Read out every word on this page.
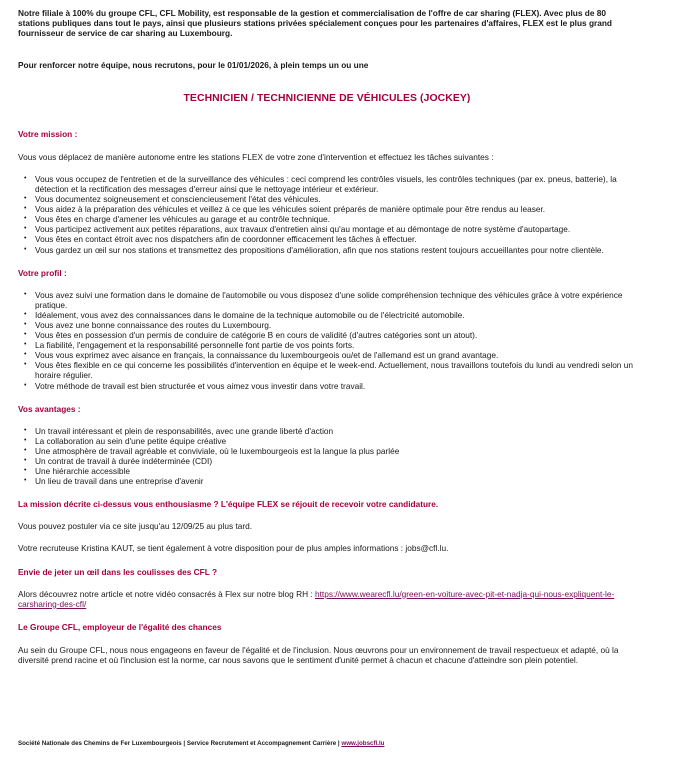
Notre filiale à 100% du groupe CFL, CFL Mobility, est responsable de la gestion et commercialisation de l'offre de car sharing (FLEX). Avec plus de 80 stations publiques dans tout le pays, ainsi que plusieurs stations privées spécialement conçues pour les partenaires d'affaires, FLEX est le plus grand fournisseur de service de car sharing au Luxembourg.

Pour renforcer notre équipe, nous recrutons, pour le 01/01/2026, à plein temps un ou une

TECHNICIEN / TECHNICIENNE DE VÉHICULES (JOCKEY)

Votre mission :

Vous vous déplacez de manière autonome entre les stations FLEX de votre zone d'intervention et effectuez les tâches suivantes :

• Vous vous occupez de l'entretien et de la surveillance des véhicules : ceci comprend les contrôles visuels, les contrôles techniques (par ex. pneus, batterie), la détection et la rectification des messages d'erreur ainsi que le nettoyage intérieur et extérieur.
• Vous documentez soigneusement et consciencieusement l'état des véhicules.
• Vous aidez à la préparation des véhicules et veillez à ce que les véhicules soient préparés de manière optimale pour être rendus au leaser.
• Vous êtes en charge d'amener les véhicules au garage et au contrôle technique.
• Vous participez activement aux petites réparations, aux travaux d'entretien ainsi qu'au montage et au démontage de notre système d'autopartage.
• Vous êtes en contact étroit avec nos dispatchers afin de coordonner efficacement les tâches à effectuer.
• Vous gardez un œil sur nos stations et transmettez des propositions d'amélioration, afin que nos stations restent toujours accueillantes pour notre clientèle.

Votre profil :

• Vous avez suivi une formation dans le domaine de l'automobile ou vous disposez d'une solide compréhension technique des véhicules grâce à votre expérience pratique.
• Idéalement, vous avez des connaissances dans le domaine de la technique automobile ou de l'électricité automobile.
• Vous avez une bonne connaissance des routes du Luxembourg.
• Vous êtes en possession d'un permis de conduire de catégorie B en cours de validité (d'autres catégories sont un atout).
• La fiabilité, l'engagement et la responsabilité personnelle font partie de vos points forts.
• Vous vous exprimez avec aisance en français, la connaissance du luxembourgeois ou/et de l'allemand est un grand avantage.
• Vous êtes flexible en ce qui concerne les possibilités d'intervention en équipe et le week-end. Actuellement, nous travaillons toutefois du lundi au vendredi selon un horaire régulier.
• Votre méthode de travail est bien structurée et vous aimez vous investir dans votre travail.

Vos avantages :

• Un travail intéressant et plein de responsabilités, avec une grande liberté d'action
• La collaboration au sein d'une petite équipe créative
• Une atmosphère de travail agréable et conviviale, où le luxembourgeois est la langue la plus parlée
• Un contrat de travail à durée indéterminée (CDI)
• Une hiérarchie accessible
• Un lieu de travail dans une entreprise d'avenir

La mission décrite ci-dessus vous enthousiasme ? L'équipe FLEX se réjouit de recevoir votre candidature.

Vous pouvez postuler via ce site jusqu'au 12/09/25 au plus tard.

Votre recruteuse Kristina KAUT, se tient également à votre disposition pour de plus amples informations : jobs@cfl.lu.

Envie de jeter un œil dans les coulisses des CFL ?

Alors découvrez notre article et notre vidéo consacrés à Flex sur notre blog RH : https://www.wearecfl.lu/green-en-voiture-avec-pit-et-nadja-qui-nous-expliquent-le-carsharing-des-cfl/

Le Groupe CFL, employeur de l'égalité des chances

Au sein du Groupe CFL, nous nous engageons en faveur de l'égalité et de l'inclusion. Nous œuvrons pour un environnement de travail respectueux et adapté, où la diversité prend racine et où l'inclusion est la norme, car nous savons que le sentiment d'unité permet à chacun et chacune d'atteindre son plein potentiel.

Société Nationale des Chemins de Fer Luxembourgeois | Service Recrutement et Accompagnement Carrière | www.jobscfl.lu
